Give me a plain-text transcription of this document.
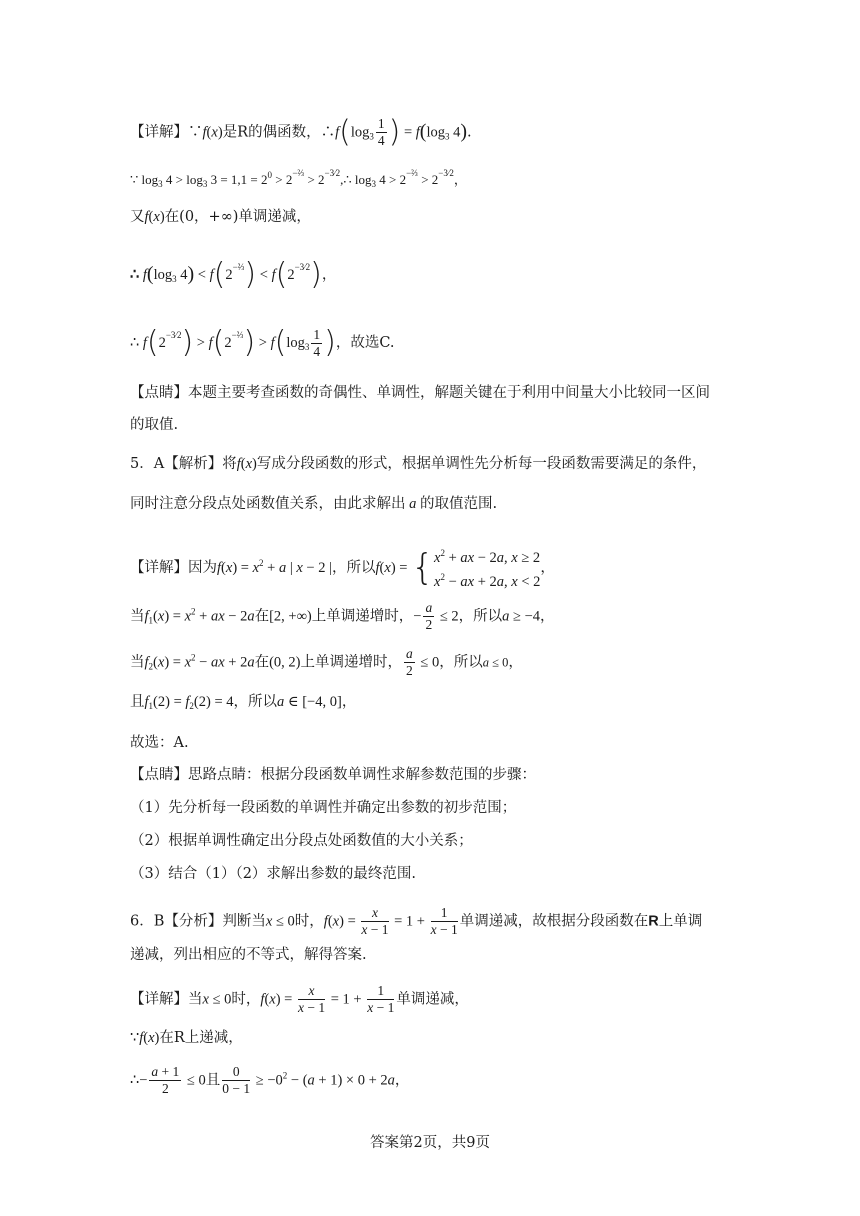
【详解】∵f(x)是R的偶函数，$\therefore f(\log_3 \frac{1}{4}$ ) = $f(\log_3$ 4).
∵ $\log_3 4 > \log_3 3 = 1,1 = 2^0 > 2^{-\frac{2}{3}}$ > $2^{-3⁄2},\therefore$ $\log_3 4 > 2^{-\frac{2}{3}} > 2^{-3⁄2}$，
又f(x)在(0，+∞)单调递减，
∴ $f(\log_3$ $4) < f(2^{-\frac{2}{3}}) < f(2^{-3⁄2})$，
∴ $f(2^{-3⁄2}) > f(2^{-\frac{2}{3}}) > f(\log_3 \frac{1}{4}$ )，故选C.
【点睛】本题主要考查函数的奇偶性、单调性，解题关键在于利用中间量大小比较同一区间
的取值.
5．A【解析】将f(x)写成分段函数的形式，根据单调性先分析每一段函数需要满足的条件，
同时注意分段点处函数值关系，由此求解出 a 的取值范围.
【详解】因为$f(x) = x^2 + a$ | x − 2 |，所以f(x) = { $x^2$ + ax − 2a, x ≥ 2
$x^2$ − ax + 2a, x < 2
，
当$f_1(x) = x^2$ + ax − 2a在[2, +∞)上单调递增时，− $\frac{a}{2} \le 2$，所以a ≥ −4，
当$f_2(x) = x^2$ − ax + 2a在(0, 2)上单调递增时， $\frac{a}{2} \le 0$，所以a ≤ 0，
且$f_1(2) = f_2(2) = 4$，所以a ∈ [−4, 0]，
故选：A.
【点睛】思路点睛：根据分段函数单调性求解参数范围的步骤：
（1）先分析每一段函数的单调性并确定出参数的初步范围；
（2）根据单调性确定出分段点处函数值的大小关系；
（3）结合（1）（2）求解出参数的最终范围.
6．B【分析】判断当x ≤ 0时，$f(x) = \frac{x}{x - 1} = 1 + \frac{1}{x - 1}$ 单调递减，故根据分段函数在R上单调
递减，列出相应的不等式，解得答案.
【详解】当x ≤ 0时，$f(x) = \frac{x}{x - 1} = 1 + \frac{1}{x - 1}$ 单调递减，
∵f(x)在R上递减，
∴− $\frac{a + 1}{2} \le 0$且 $\frac{0}{0 - 1} \ge -0^2 - (a + 1) \times 0 + 2a$，
答案第2页，共9页
